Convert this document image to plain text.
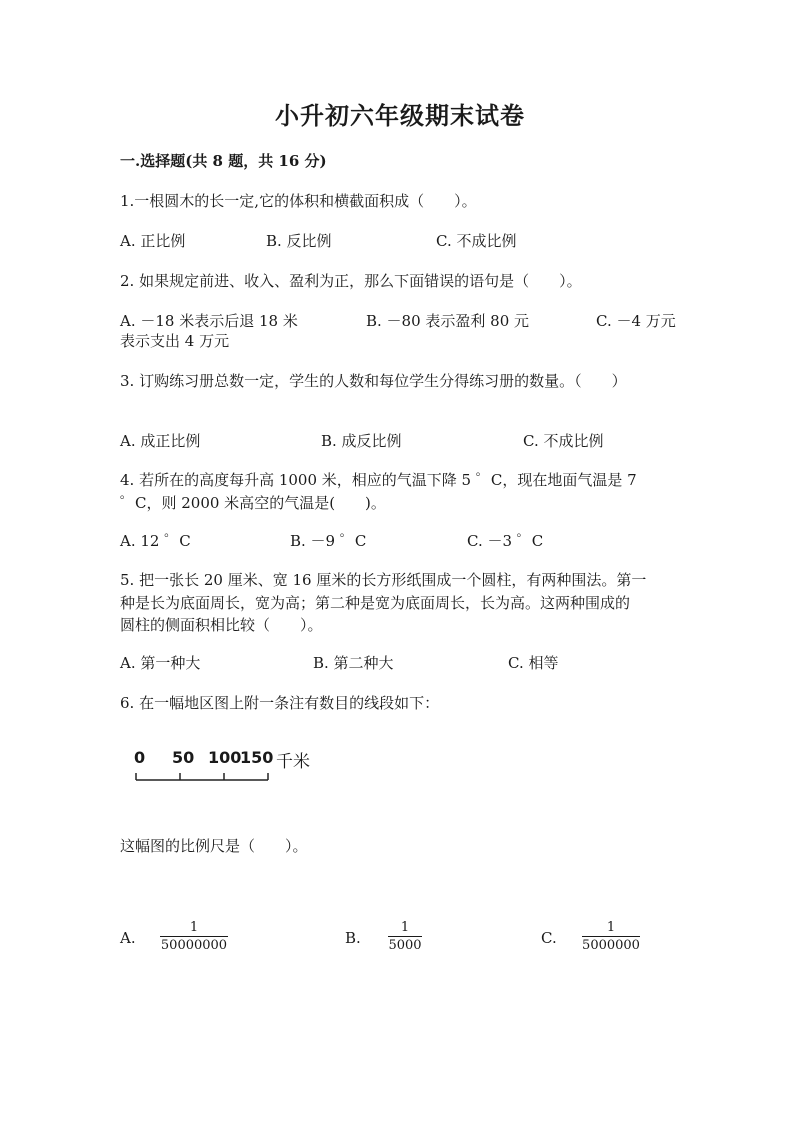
小升初六年级期末试卷
一.选择题(共 8 题，共 16 分)
1.一根圆木的长一定,它的体积和横截面积成（　　）。
A. 正比例	B. 反比例	C. 不成比例
2. 如果规定前进、收入、盈利为正，那么下面错误的语句是（　　）。
A. －18 米表示后退 18 米	B. －80 表示盈利 80 元	C. －4 万元
表示支出 4 万元
3. 订购练习册总数一定，学生的人数和每位学生分得练习册的数量。（　　）
A. 成正比例	B. 成反比例	C. 不成比例
4. 若所在的高度每升高 1000 米，相应的气温下降 5 ゜C，现在地面气温是 7
゜C，则 2000 米高空的气温是(　　)。
A. 12 ゜C	B. －9 ゜C	C. －3 ゜C
5. 把一张长 20 厘米、宽 16 厘米的长方形纸围成一个圆柱，有两种围法。第一
种是长为底面周长，宽为高；第二种是宽为底面周长，长为高。这两种围成的
圆柱的侧面积相比较（　　）。
A. 第一种大	B. 第二种大	C. 相等
6. 在一幅地区图上附一条注有数目的线段如下：
0 50 100
150 千米
这幅图的比例尺是（　　）。
A.
1
50000000	B.
1
5000	C.
1
5000000
